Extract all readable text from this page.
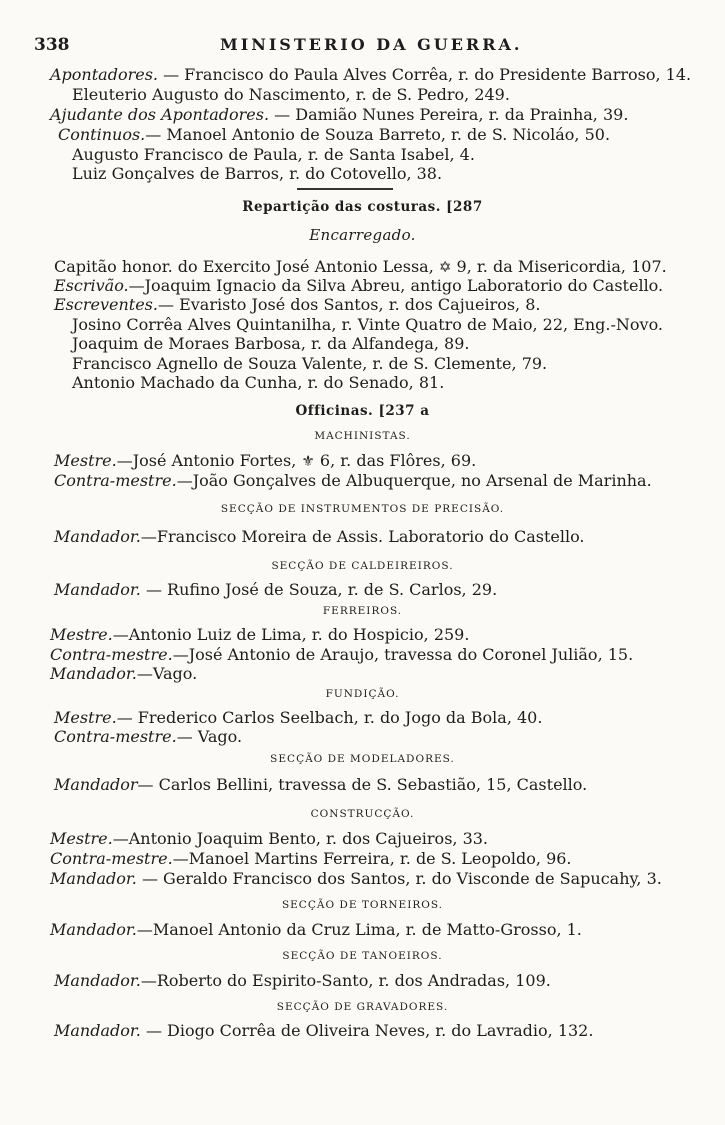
338	MINISTERIO DA GUERRA.
Apontadores. — Francisco do Paula Alves Corrêa, r. do Presidente Barroso, 14.
Eleuterio Augusto do Nascimento, r. de S. Pedro, 249.
Ajudante dos Apontadores. — Damião Nunes Pereira, r. da Prainha, 39.
Continuos.— Manoel Antonio de Souza Barreto, r. de S. Nicoláo, 50.
Augusto Francisco de Paula, r. de Santa Isabel, 4.
Luiz Gonçalves de Barros, r. do Cotovello, 38.
Repartição das costuras. [287
Encarregado.
Capitão honor. do Exercito José Antonio Lessa, ✡ 9, r. da Misericordia, 107.
Escrivão.—Joaquim Ignacio da Silva Abreu, antigo Laboratorio do Castello.
Escreventes.— Evaristo José dos Santos, r. dos Cajueiros, 8.
Josino Corrêa Alves Quintanilha, r. Vinte Quatro de Maio, 22, Eng.-Novo.
Joaquim de Moraes Barbosa, r. da Alfandega, 89.
Francisco Agnello de Souza Valente, r. de S. Clemente, 79.
Antonio Machado da Cunha, r. do Senado, 81.
Officinas. [237 a
MACHINISTAS.
Mestre.—José Antonio Fortes, ⚜ 6, r. das Flôres, 69.
Contra-mestre.—João Gonçalves de Albuquerque, no Arsenal de Marinha.
SECÇÃO DE INSTRUMENTOS DE PRECISÃO.
Mandador.—Francisco Moreira de Assis. Laboratorio do Castello.
SECÇÃO DE CALDEIREIROS.
Mandador. — Rufino José de Souza, r. de S. Carlos, 29.
FERREIROS.
Mestre.—Antonio Luiz de Lima, r. do Hospicio, 259.
Contra-mestre.—José Antonio de Araujo, travessa do Coronel Julião, 15.
Mandador.—Vago.
FUNDIÇÃO.
Mestre.— Frederico Carlos Seelbach, r. do Jogo da Bola, 40.
Contra-mestre.— Vago.
SECÇÃO DE MODELADORES.
Mandador— Carlos Bellini, travessa de S. Sebastião, 15, Castello.
CONSTRUCÇÃO.
Mestre.—Antonio Joaquim Bento, r. dos Cajueiros, 33.
Contra-mestre.—Manoel Martins Ferreira, r. de S. Leopoldo, 96.
Mandador. — Geraldo Francisco dos Santos, r. do Visconde de Sapucahy, 3.
SECÇÃO DE TORNEIROS.
Mandador.—Manoel Antonio da Cruz Lima, r. de Matto-Grosso, 1.
SECÇÃO DE TANOEIROS.
Mandador.—Roberto do Espirito-Santo, r. dos Andradas, 109.
SECÇÃO DE GRAVADORES.
Mandador. — Diogo Corrêa de Oliveira Neves, r. do Lavradio, 132.
